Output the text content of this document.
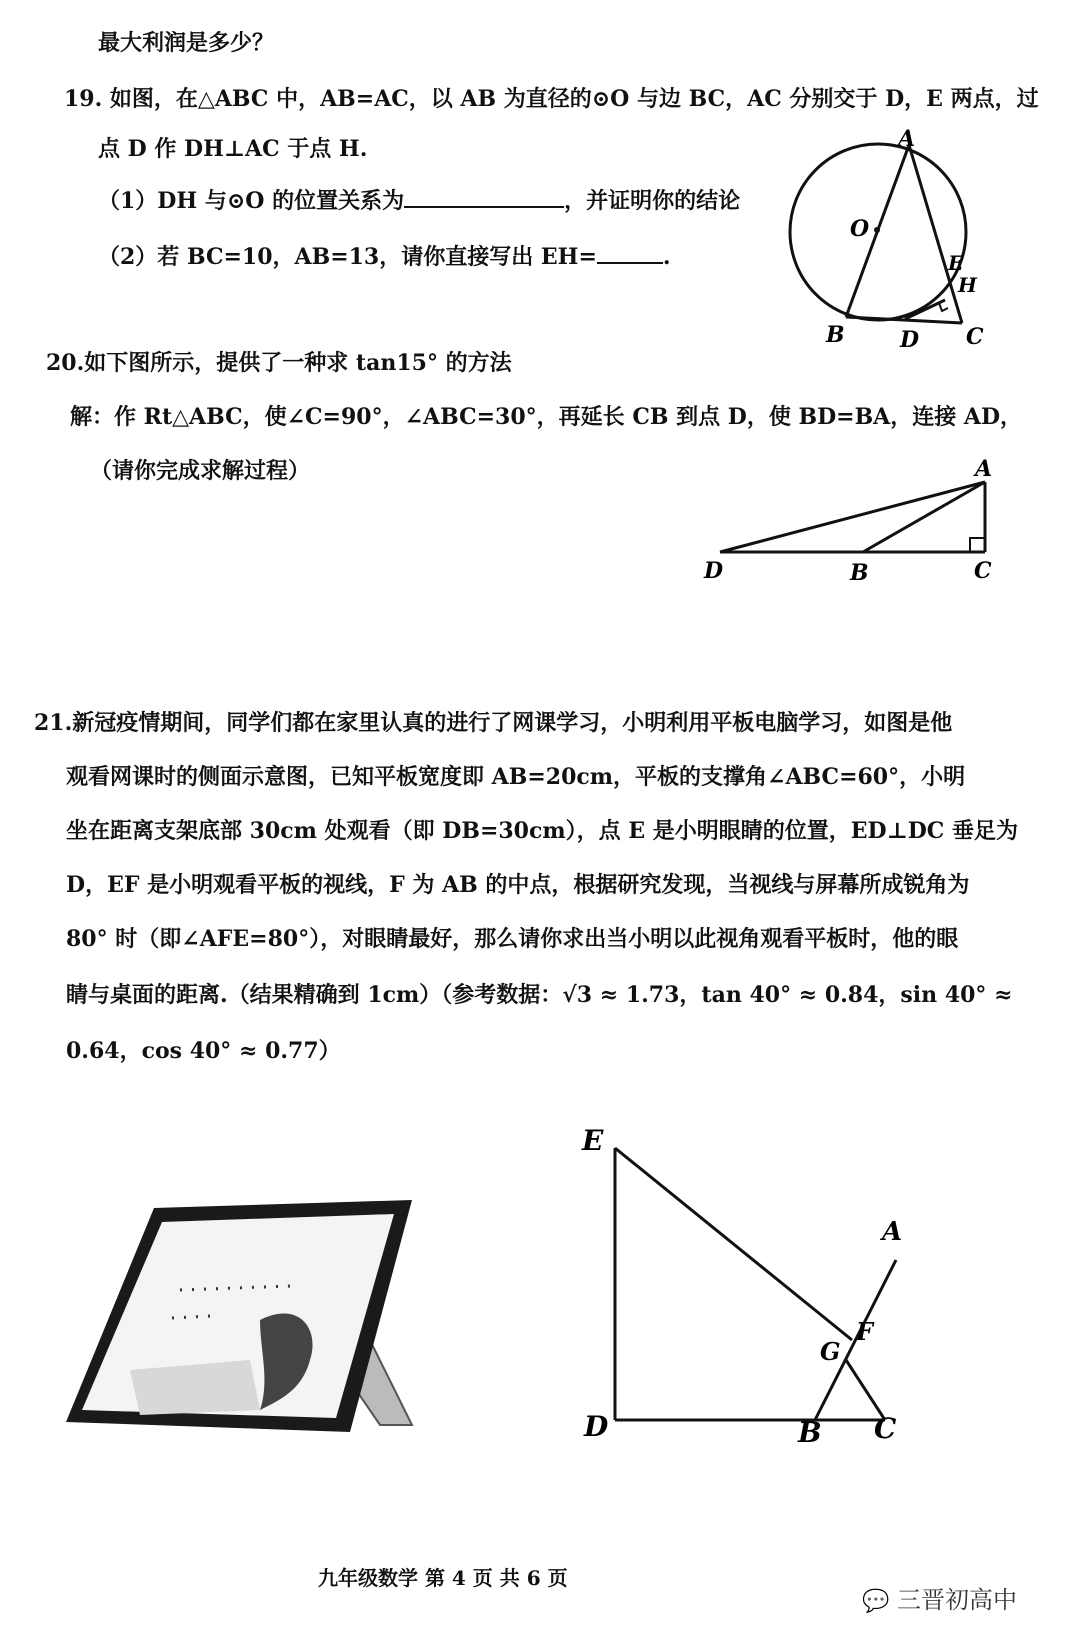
最大利润是多少？
19. 如图，在△ABC 中，AB=AC，以 AB 为直径的⊙O 与边 BC，AC 分别交于 D，E 两点，过
点 D 作 DH⊥AC 于点 H.
（1）DH 与⊙O 的位置关系为	，并证明你的结论
（2）若 BC=10，AB=13，请你直接写出 EH=	.
A
O
E
H
B	D C
20.如下图所示，提供了一种求 tan15° 的方法
解：作 Rt△ABC，使∠C=90°，∠ABC=30°，再延长 CB 到点 D，使 BD=BA，连接 AD，
（请你完成求解过程）	A
D	B	C
21.新冠疫情期间，同学们都在家里认真的进行了网课学习，小明利用平板电脑学习，如图是他
观看网课时的侧面示意图，已知平板宽度即 AB=20cm，平板的支撑角∠ABC=60°，小明
坐在距离支架底部 30cm 处观看（即 DB=30cm），点 E 是小明眼睛的位置，ED⊥DC 垂足为
D，EF 是小明观看平板的视线，F 为 AB 的中点，根据研究发现，当视线与屏幕所成锐角为
80° 时（即∠AFE=80°），对眼睛最好，那么请你求出当小明以此视角观看平板时，他的眼
睛与桌面的距离.（结果精确到 1cm）（参考数据：√3 ≈ 1.73，tan 40° ≈ 0.84，sin 40° ≈
0.64，cos 40° ≈ 0.77）
E
A
F
G
D	B C
九年级数学 第 4 页 共 6 页
💬 三晋初高中
